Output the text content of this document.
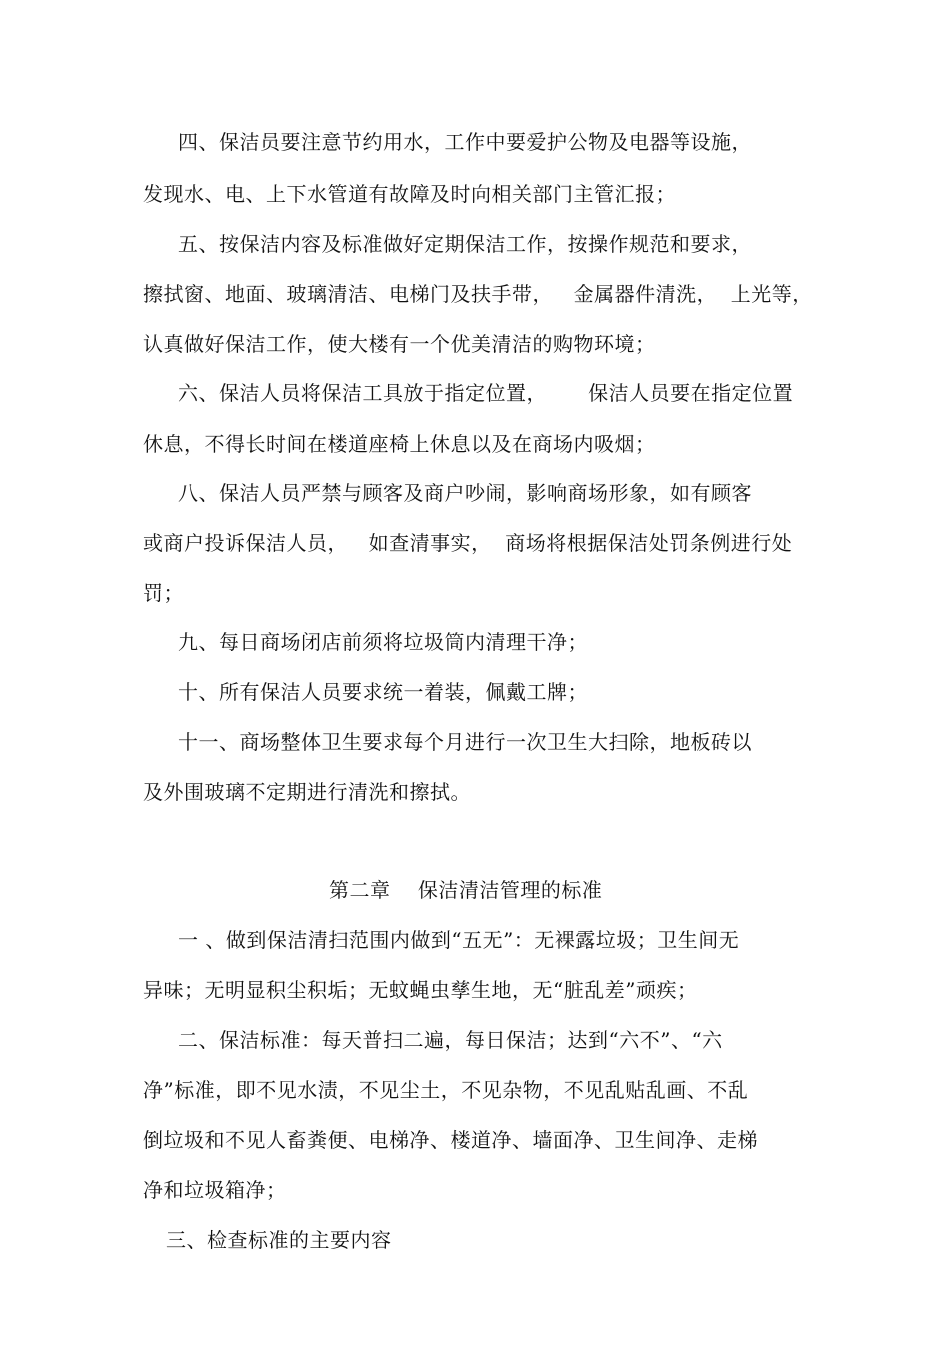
四、保洁员要注意节约用水，工作中要爱护公物及电器等设施，
发现水、电、上下水管道有故障及时向相关部门主管汇报；
五、按保洁内容及标准做好定期保洁工作，按操作规范和要求，
擦拭窗、地面、玻璃清洁、电梯门及扶手带，   金属器件清洗，  上光等，
认真做好保洁工作，使大楼有一个优美清洁的购物环境；
六、保洁人员将保洁工具放于指定位置，      保洁人员要在指定位置
休息，不得长时间在楼道座椅上休息以及在商场内吸烟；
八、保洁人员严禁与顾客及商户吵闹，影响商场形象，如有顾客
或商户投诉保洁人员，   如查清事实，  商场将根据保洁处罚条例进行处
罚；
九、每日商场闭店前须将垃圾筒内清理干净；
十、所有保洁人员要求统一着装，佩戴工牌；
十一、商场整体卫生要求每个月进行一次卫生大扫除，地板砖以
及外围玻璃不定期进行清洗和擦拭。
第二章    保洁清洁管理的标准
一 、做到保洁清扫范围内做到“五无”：无裸露垃圾；卫生间无
异味；无明显积尘积垢；无蚊蝇虫孳生地，无“脏乱差”顽疾；
二、保洁标准：每天普扫二遍，每日保洁；达到“六不”、“六
净”标准，即不见水渍，不见尘土，不见杂物，不见乱贴乱画、不乱
倒垃圾和不见人畜粪便、电梯净、楼道净、墙面净、卫生间净、走梯
净和垃圾箱净；
三、检查标准的主要内容
